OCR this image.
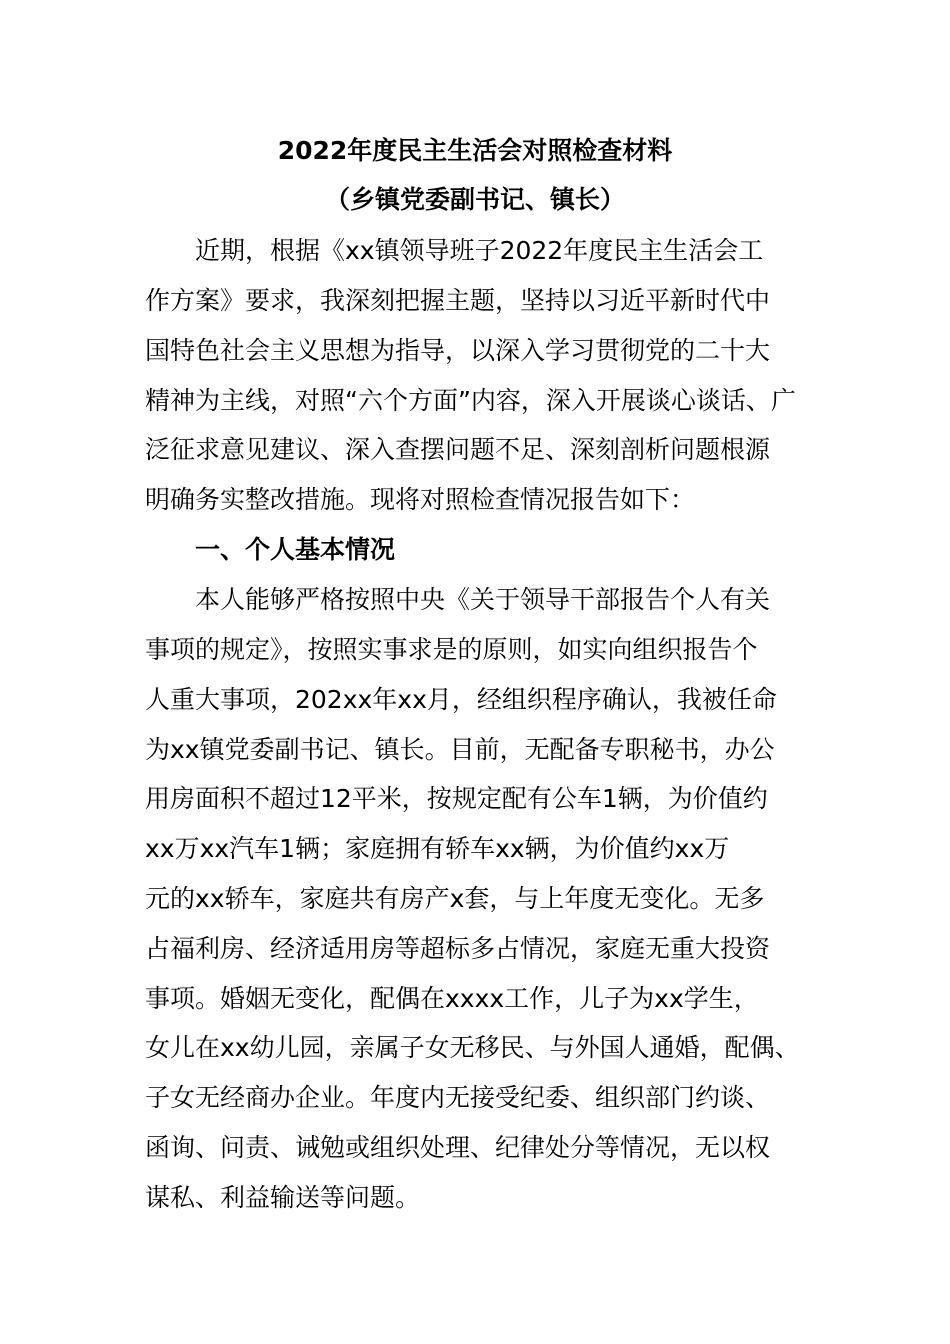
2022年度民主生活会对照检查材料
（乡镇党委副书记、镇长）
　　近期，根据《xx镇领导班子2022年度民主生活会工
作方案》要求，我深刻把握主题，坚持以习近平新时代中
国特色社会主义思想为指导，以深入学习贯彻党的二十大
精神为主线，对照“六个方面”内容，深入开展谈心谈话、广
泛征求意见建议、深入查摆问题不足、深刻剖析问题根源
明确务实整改措施。现将对照检查情况报告如下：
　　一、个人基本情况
　　本人能够严格按照中央《关于领导干部报告个人有关
事项的规定》，按照实事求是的原则，如实向组织报告个
人重大事项，202xx年xx月，经组织程序确认，我被任命
为xx镇党委副书记、镇长。目前，无配备专职秘书，办公
用房面积不超过12平米，按规定配有公车1辆，为价值约
xx万xx汽车1辆；家庭拥有轿车xx辆，为价值约xx万
元的xx轿车，家庭共有房产x套，与上年度无变化。无多
占福利房、经济适用房等超标多占情况，家庭无重大投资
事项。婚姻无变化，配偶在xxxx工作，儿子为xx学生，
女儿在xx幼儿园，亲属子女无移民、与外国人通婚，配偶、
子女无经商办企业。年度内无接受纪委、组织部门约谈、
函询、问责、诫勉或组织处理、纪律处分等情况，无以权
谋私、利益输送等问题。
